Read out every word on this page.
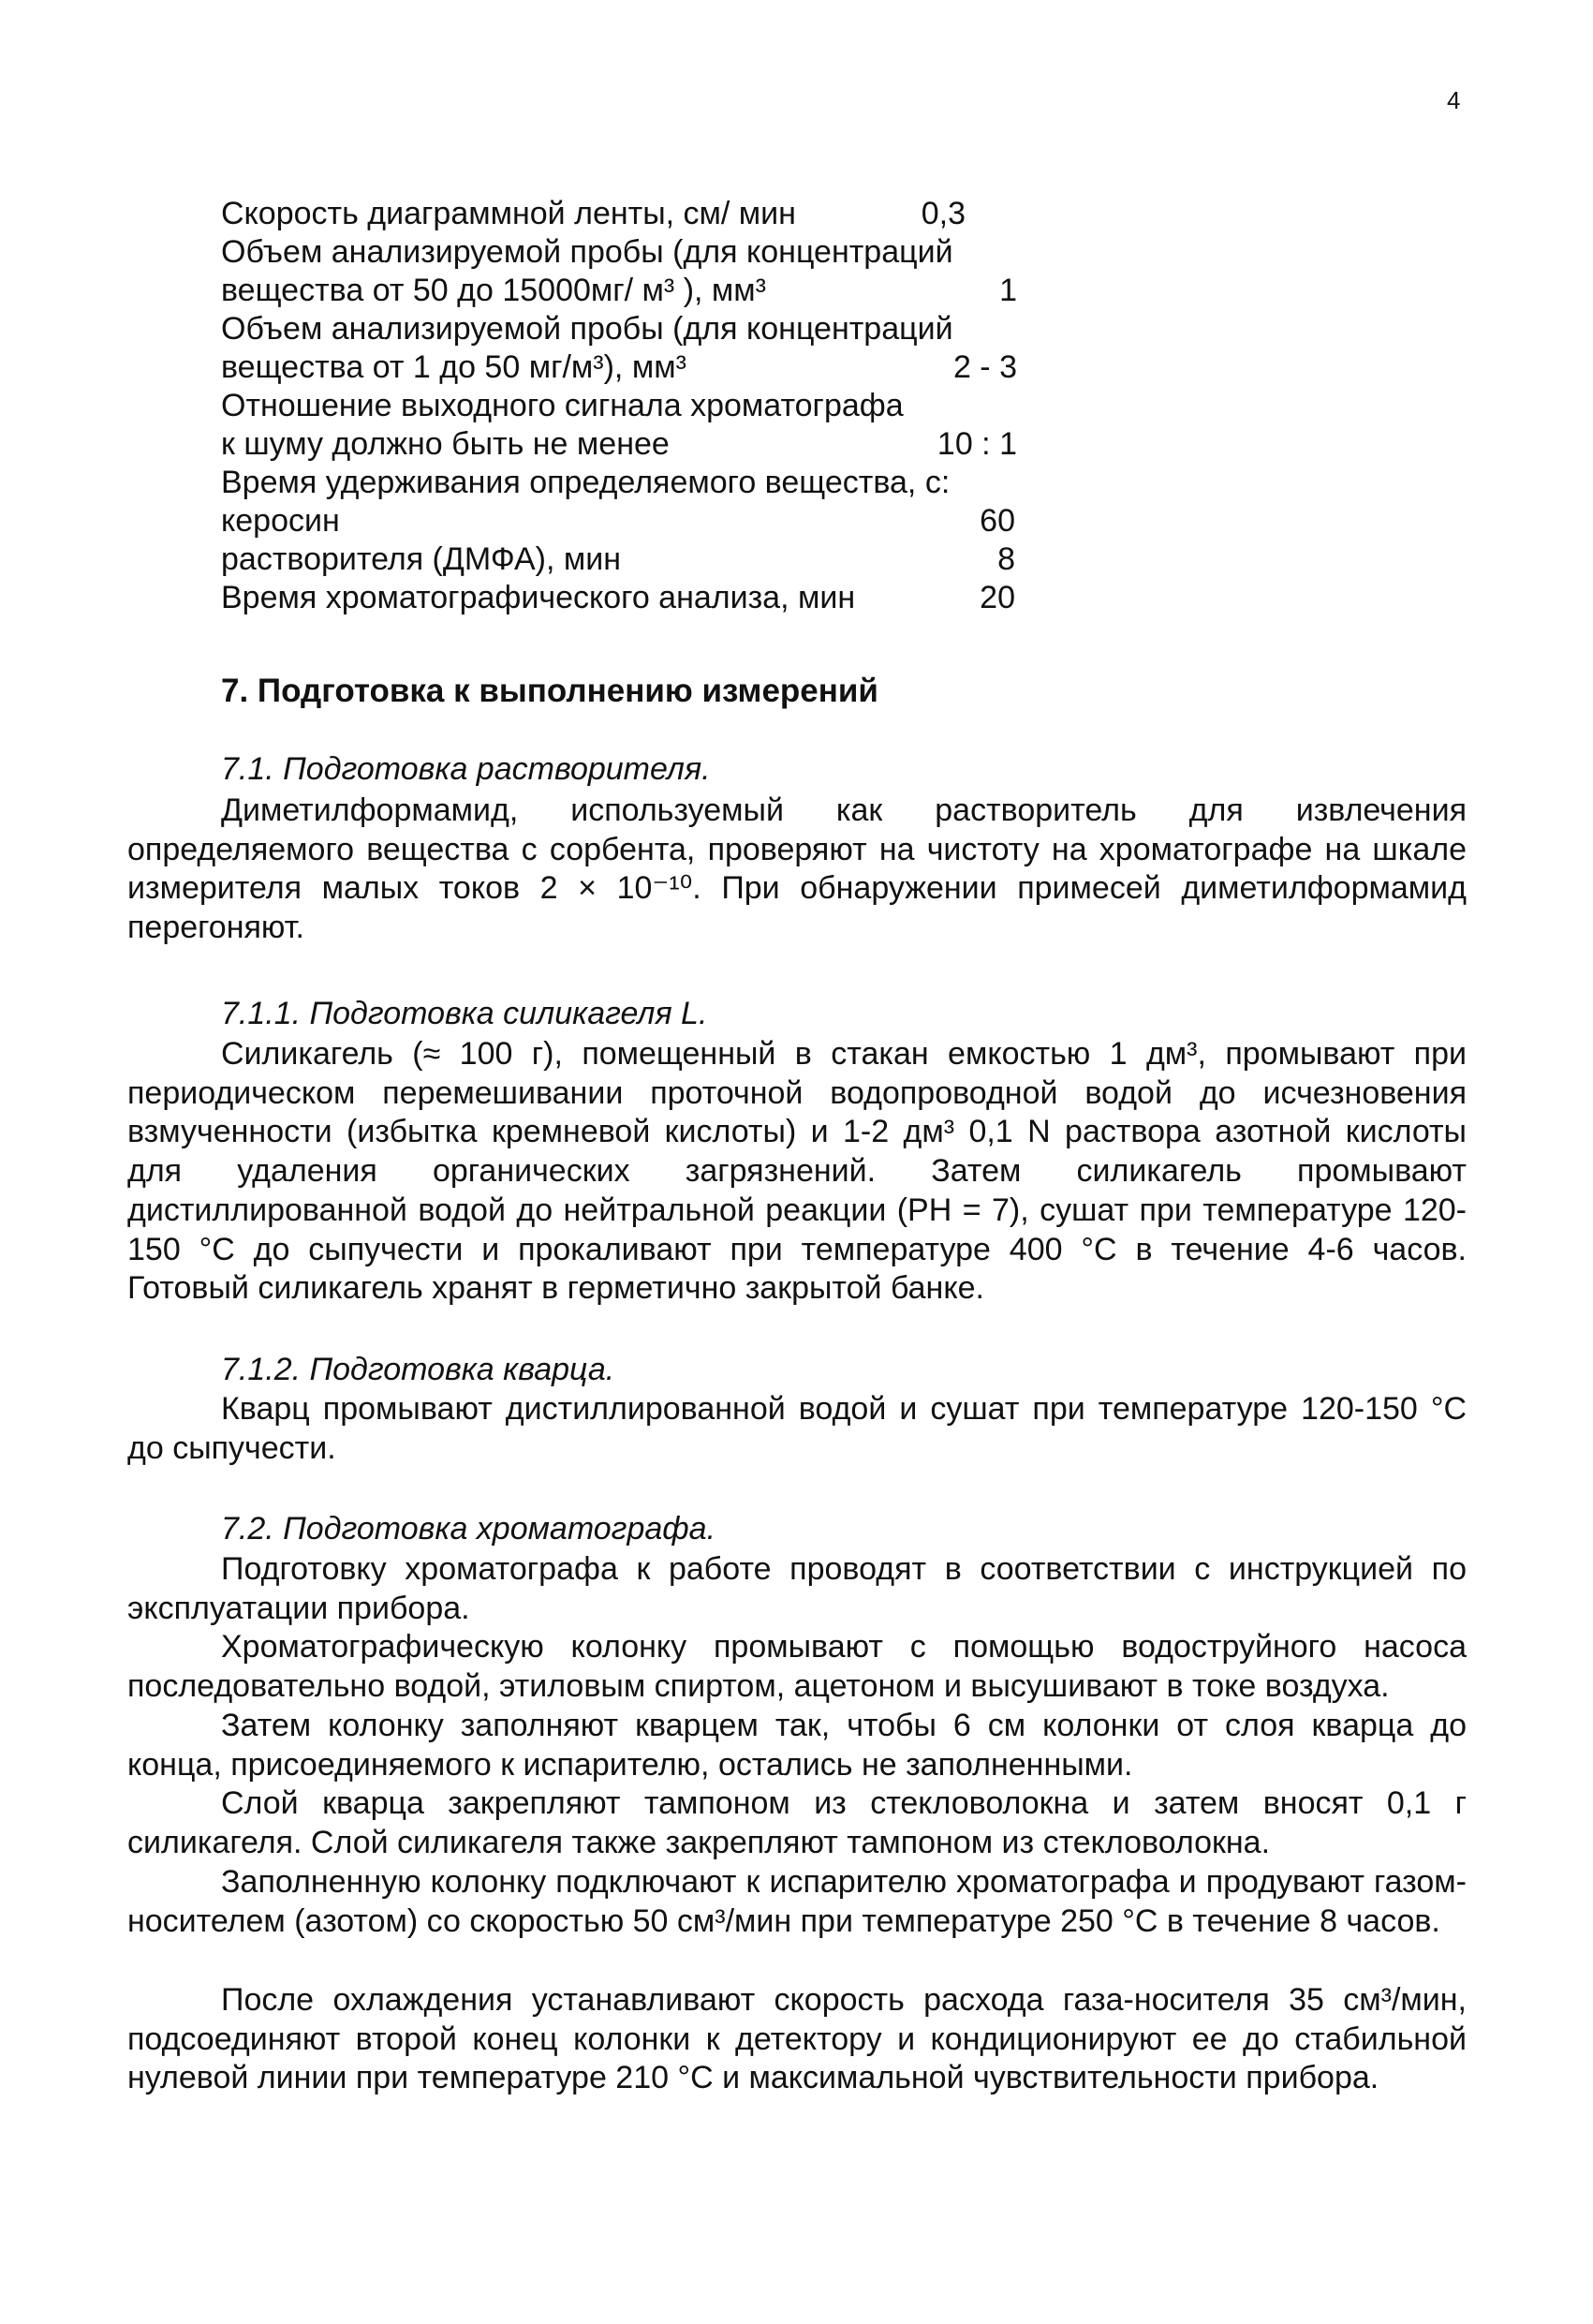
4
Скорость диаграммной ленты, см/ мин	0,3
Объем анализируемой пробы (для концентраций
вещества от 50 до 15000мг/ м³ ), мм³	1
Объем анализируемой пробы (для концентраций
вещества от 1 до 50 мг/м³), мм³	2 - 3
Отношение выходного сигнала хроматографа
к шуму должно быть не менее	10 : 1
Время удерживания определяемого вещества, с:
керосин	60
растворителя (ДМФА), мин	8
Время хроматографического анализа, мин	20
7. Подготовка к выполнению измерений
7.1. Подготовка растворителя.
Диметилформамид, используемый как растворитель для извлечения определяемого вещества с сорбента, проверяют на чистоту на хроматографе на шкале измерителя малых токов 2 × 10⁻¹⁰. При обнаружении примесей диметилформамид перегоняют.
7.1.1. Подготовка силикагеля L.
Силикагель (≈ 100 г), помещенный в стакан емкостью 1 дм³, промывают при периодическом перемешивании проточной водопроводной водой до исчезновения взмученности (избытка кремневой кислоты) и 1-2 дм³ 0,1 N раствора азотной кислоты для удаления органических загрязнений. Затем силикагель промывают дистиллированной водой до нейтральной реакции (PH = 7), сушат при температуре 120-150 °С до сыпучести и прокаливают при температуре 400 °С в течение 4-6 часов. Готовый силикагель хранят в герметично закрытой банке.
7.1.2. Подготовка кварца.
Кварц промывают дистиллированной водой и сушат при температуре 120-150 °С до сыпучести.
7.2. Подготовка хроматографа.
Подготовку хроматографа к работе проводят в соответствии с инструкцией по эксплуатации прибора.
Хроматографическую колонку промывают с помощью водоструйного насоса последовательно водой, этиловым спиртом, ацетоном и высушивают в токе воздуха.
Затем колонку заполняют кварцем так, чтобы 6 см колонки от слоя кварца до конца, присоединяемого к испарителю, остались не заполненными.
Слой кварца закрепляют тампоном из стекловолокна и затем вносят 0,1 г силикагеля. Слой силикагеля также закрепляют тампоном из стекловолокна.
Заполненную колонку подключают к испарителю хроматографа и продувают газом-носителем (азотом) со скоростью 50 см³/мин при температуре 250 °С в течение 8 часов.
После охлаждения устанавливают скорость расхода газа-носителя 35 см³/мин, подсоединяют второй конец колонки к детектору и кондиционируют ее до стабильной нулевой линии при температуре 210 °С и максимальной чувствительности прибора.
